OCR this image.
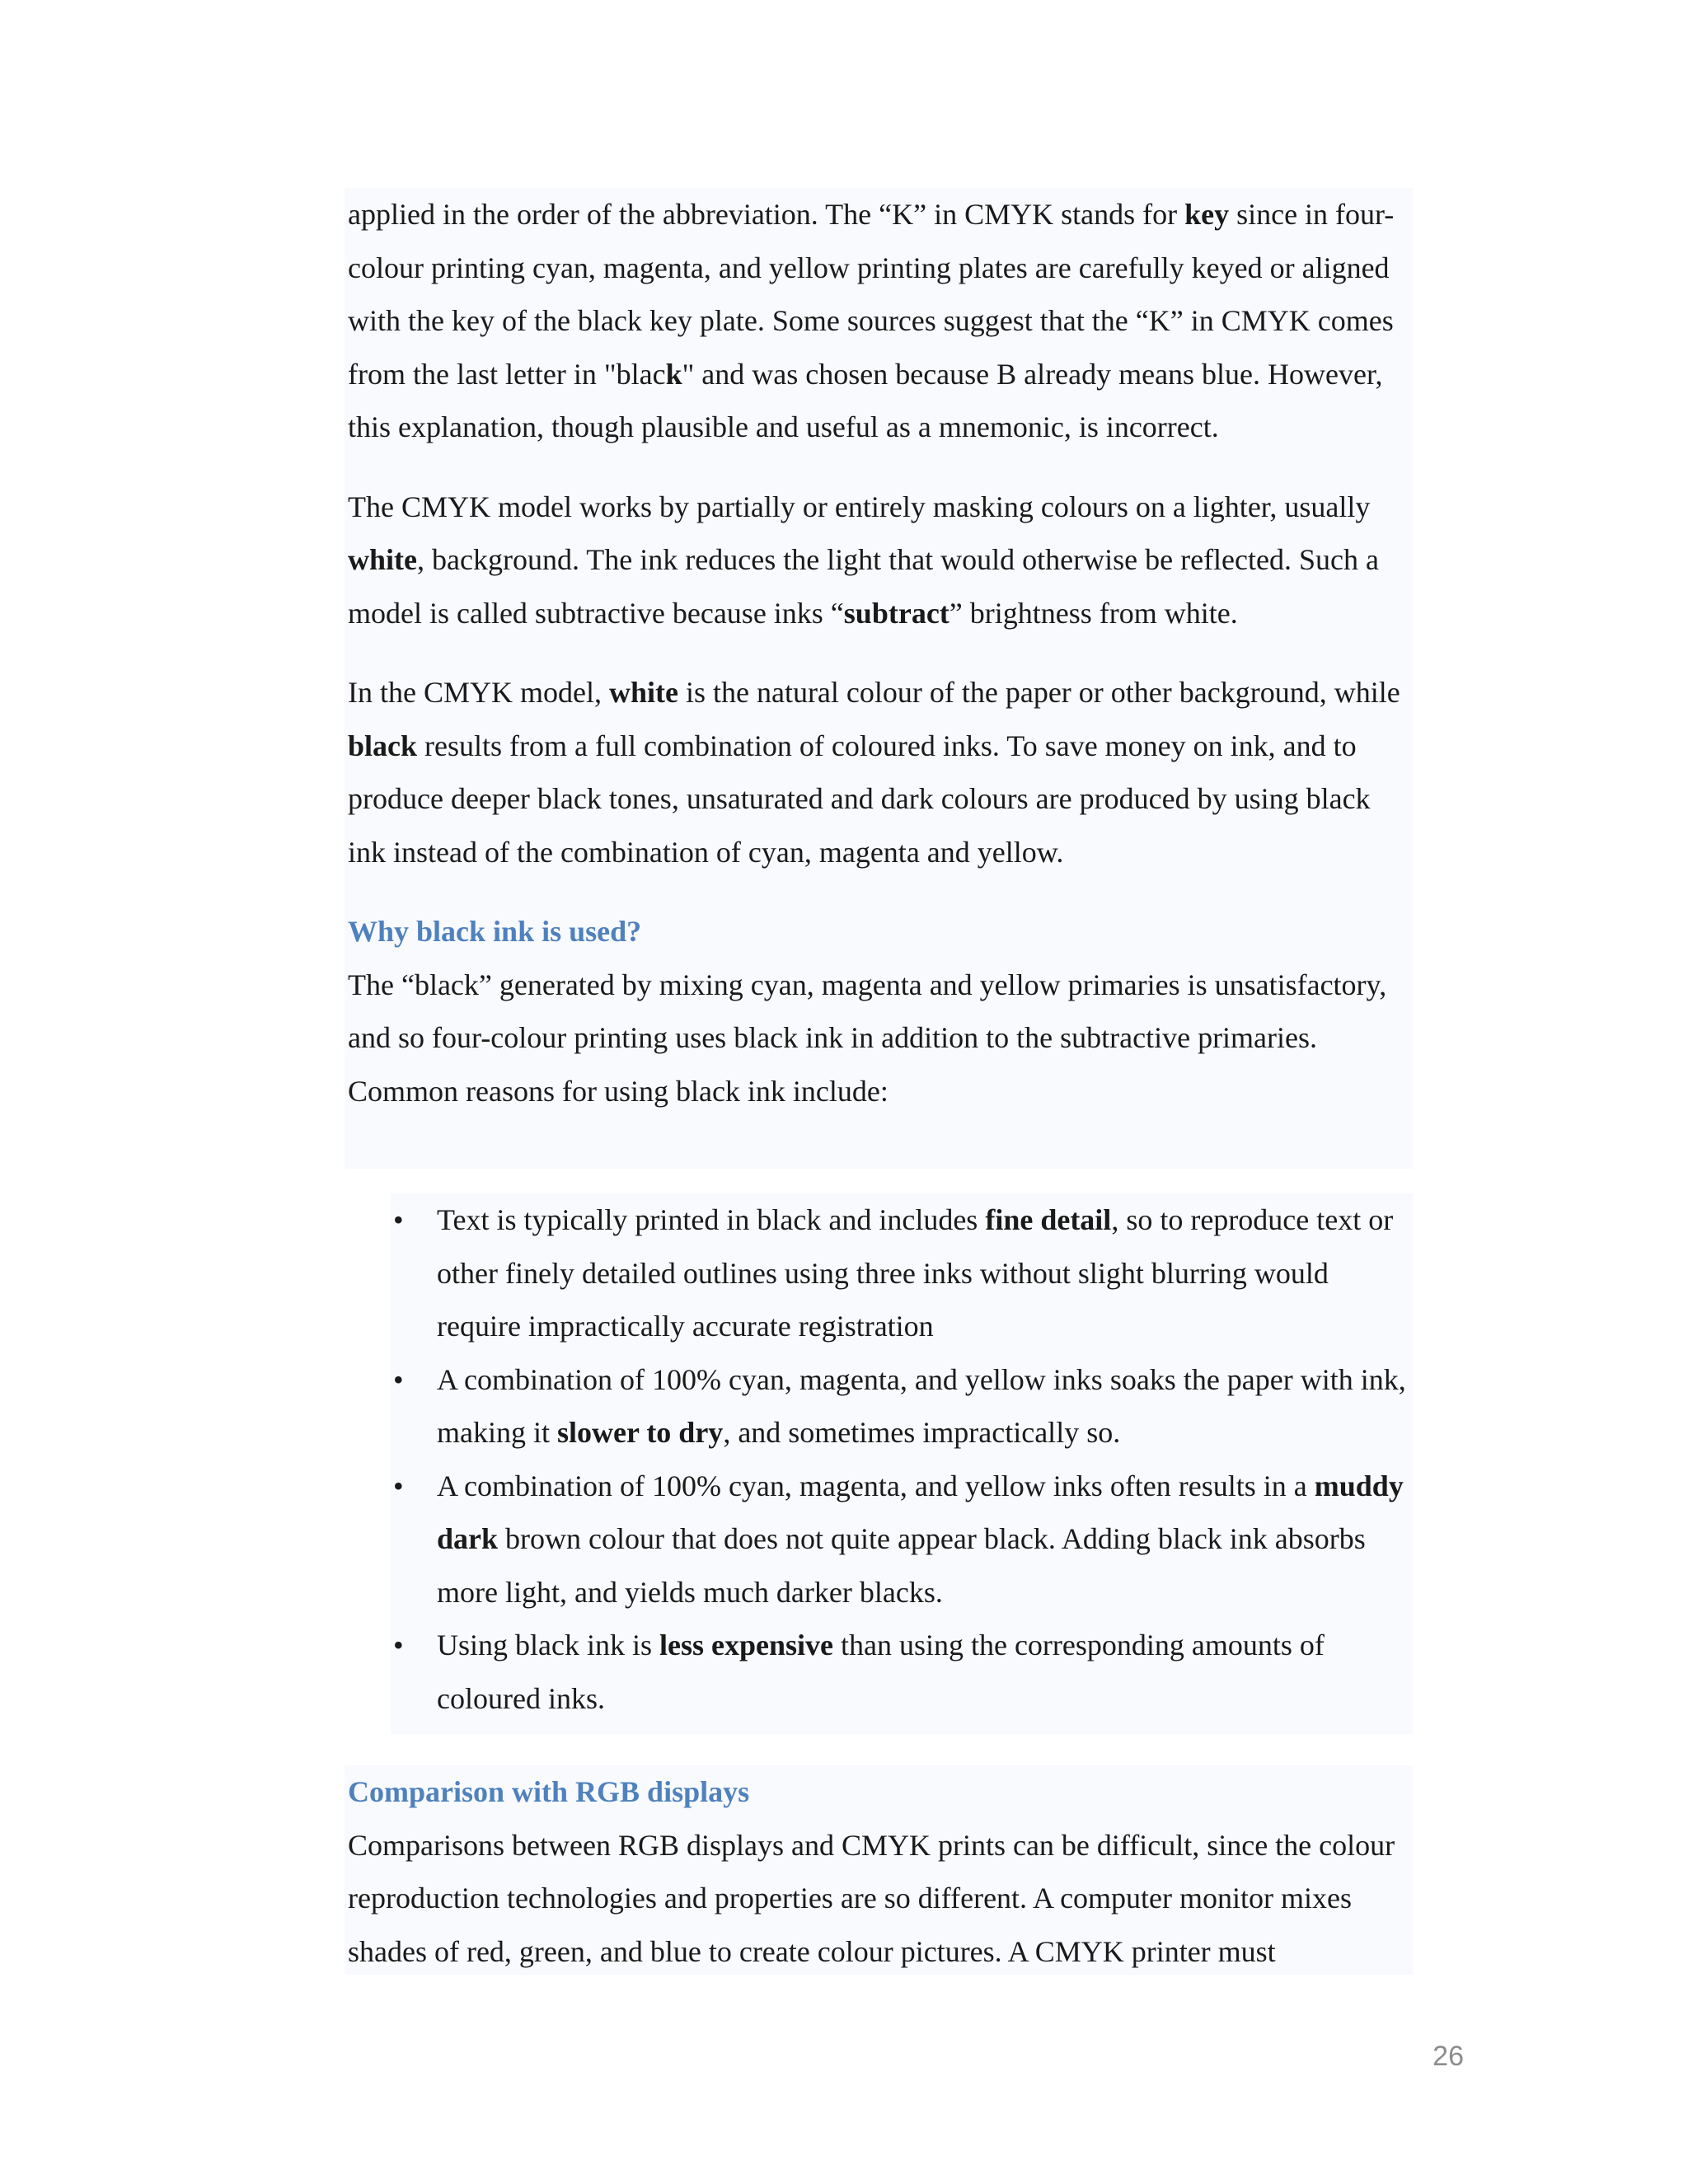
applied in the order of the abbreviation. The “K” in CMYK stands for key since in four-colour printing cyan, magenta, and yellow printing plates are carefully keyed or aligned with the key of the black key plate. Some sources suggest that the “K” in CMYK comes from the last letter in "black" and was chosen because B already means blue. However, this explanation, though plausible and useful as a mnemonic, is incorrect.

The CMYK model works by partially or entirely masking colours on a lighter, usually white, background. The ink reduces the light that would otherwise be reflected. Such a model is called subtractive because inks “subtract” brightness from white.

In the CMYK model, white is the natural colour of the paper or other background, while black results from a full combination of coloured inks. To save money on ink, and to produce deeper black tones, unsaturated and dark colours are produced by using black ink instead of the combination of cyan, magenta and yellow.

Why black ink is used?

The “black” generated by mixing cyan, magenta and yellow primaries is unsatisfactory, and so four-colour printing uses black ink in addition to the subtractive primaries. Common reasons for using black ink include:

• Text is typically printed in black and includes fine detail, so to reproduce text or other finely detailed outlines using three inks without slight blurring would require impractically accurate registration
• A combination of 100% cyan, magenta, and yellow inks soaks the paper with ink, making it slower to dry, and sometimes impractically so.
• A combination of 100% cyan, magenta, and yellow inks often results in a muddy dark brown colour that does not quite appear black. Adding black ink absorbs more light, and yields much darker blacks.
• Using black ink is less expensive than using the corresponding amounts of coloured inks.
Comparison with RGB displays

Comparisons between RGB displays and CMYK prints can be difficult, since the colour reproduction technologies and properties are so different. A computer monitor mixes shades of red, green, and blue to create colour pictures. A CMYK printer must

26
